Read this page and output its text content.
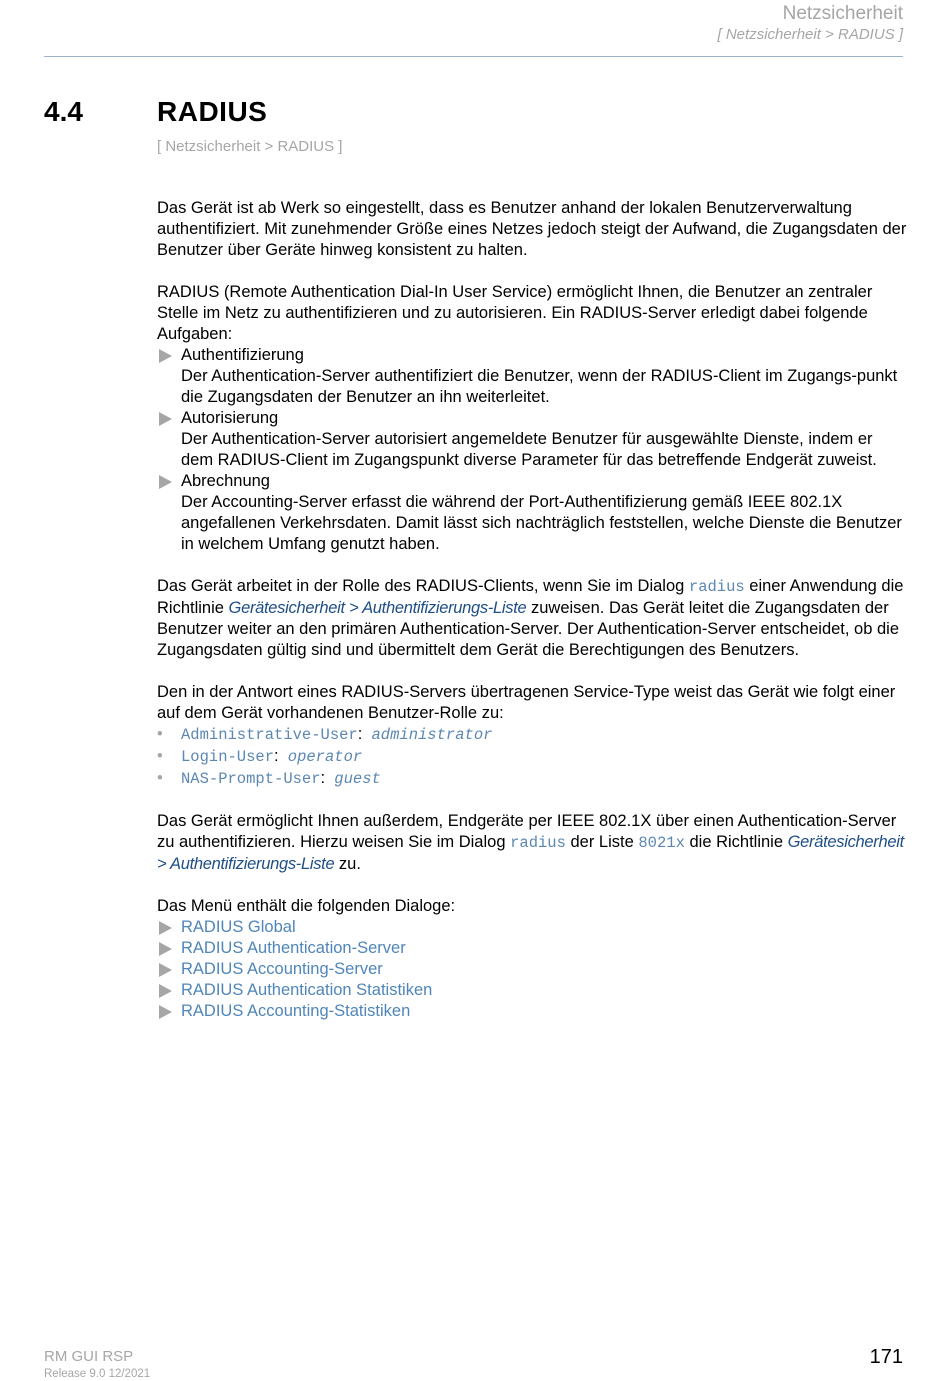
Netzsicherheit
[ Netzsicherheit > RADIUS ]
4.4	RADIUS
[ Netzsicherheit > RADIUS ]

Das Gerät ist ab Werk so eingestellt, dass es Benutzer anhand der lokalen Benutzerverwaltung authentifiziert. Mit zunehmender Größe eines Netzes jedoch steigt der Aufwand, die Zugangsdaten der Benutzer über Geräte hinweg konsistent zu halten.

RADIUS (Remote Authentication Dial-In User Service) ermöglicht Ihnen, die Benutzer an zentraler Stelle im Netz zu authentifizieren und zu autorisieren. Ein RADIUS-Server erledigt dabei folgende Aufgaben:

Authentifizierung
Der Authentication-Server authentifiziert die Benutzer, wenn der RADIUS-Client im Zugangs-punkt die Zugangsdaten der Benutzer an ihn weiterleitet.
Autorisierung
Der Authentication-Server autorisiert angemeldete Benutzer für ausgewählte Dienste, indem er dem RADIUS-Client im Zugangspunkt diverse Parameter für das betreffende Endgerät zuweist.
Abrechnung
Der Accounting-Server erfasst die während der Port-Authentifizierung gemäß IEEE 802.1X angefallenen Verkehrsdaten. Damit lässt sich nachträglich feststellen, welche Dienste die Benutzer in welchem Umfang genutzt haben.

Das Gerät arbeitet in der Rolle des RADIUS-Clients, wenn Sie im Dialog radius einer Anwendung die Richtlinie Gerätesicherheit > Authentifizierungs-Liste zuweisen. Das Gerät leitet die Zugangsdaten der Benutzer weiter an den primären Authentication-Server. Der Authentication-Server entscheidet, ob die Zugangsdaten gültig sind und übermittelt dem Gerät die Berechtigungen des Benutzers.

Den in der Antwort eines RADIUS-Servers übertragenen Service-Type weist das Gerät wie folgt einer auf dem Gerät vorhandenen Benutzer-Rolle zu:

• Administrative-User:  administrator
• Login-User:  operator
• NAS-Prompt-User:  guest

Das Gerät ermöglicht Ihnen außerdem, Endgeräte per IEEE 802.1X über einen Authentication-Server zu authentifizieren. Hierzu weisen Sie im Dialog radius der Liste 8021x die Richtlinie Gerätesicherheit > Authentifizierungs-Liste zu.

Das Menü enthält die folgenden Dialoge:

RADIUS Global
RADIUS Authentication-Server
RADIUS Accounting-Server
RADIUS Authentication Statistiken
RADIUS Accounting-Statistiken
RM GUI RSP
Release 9.0 12/2021
171
